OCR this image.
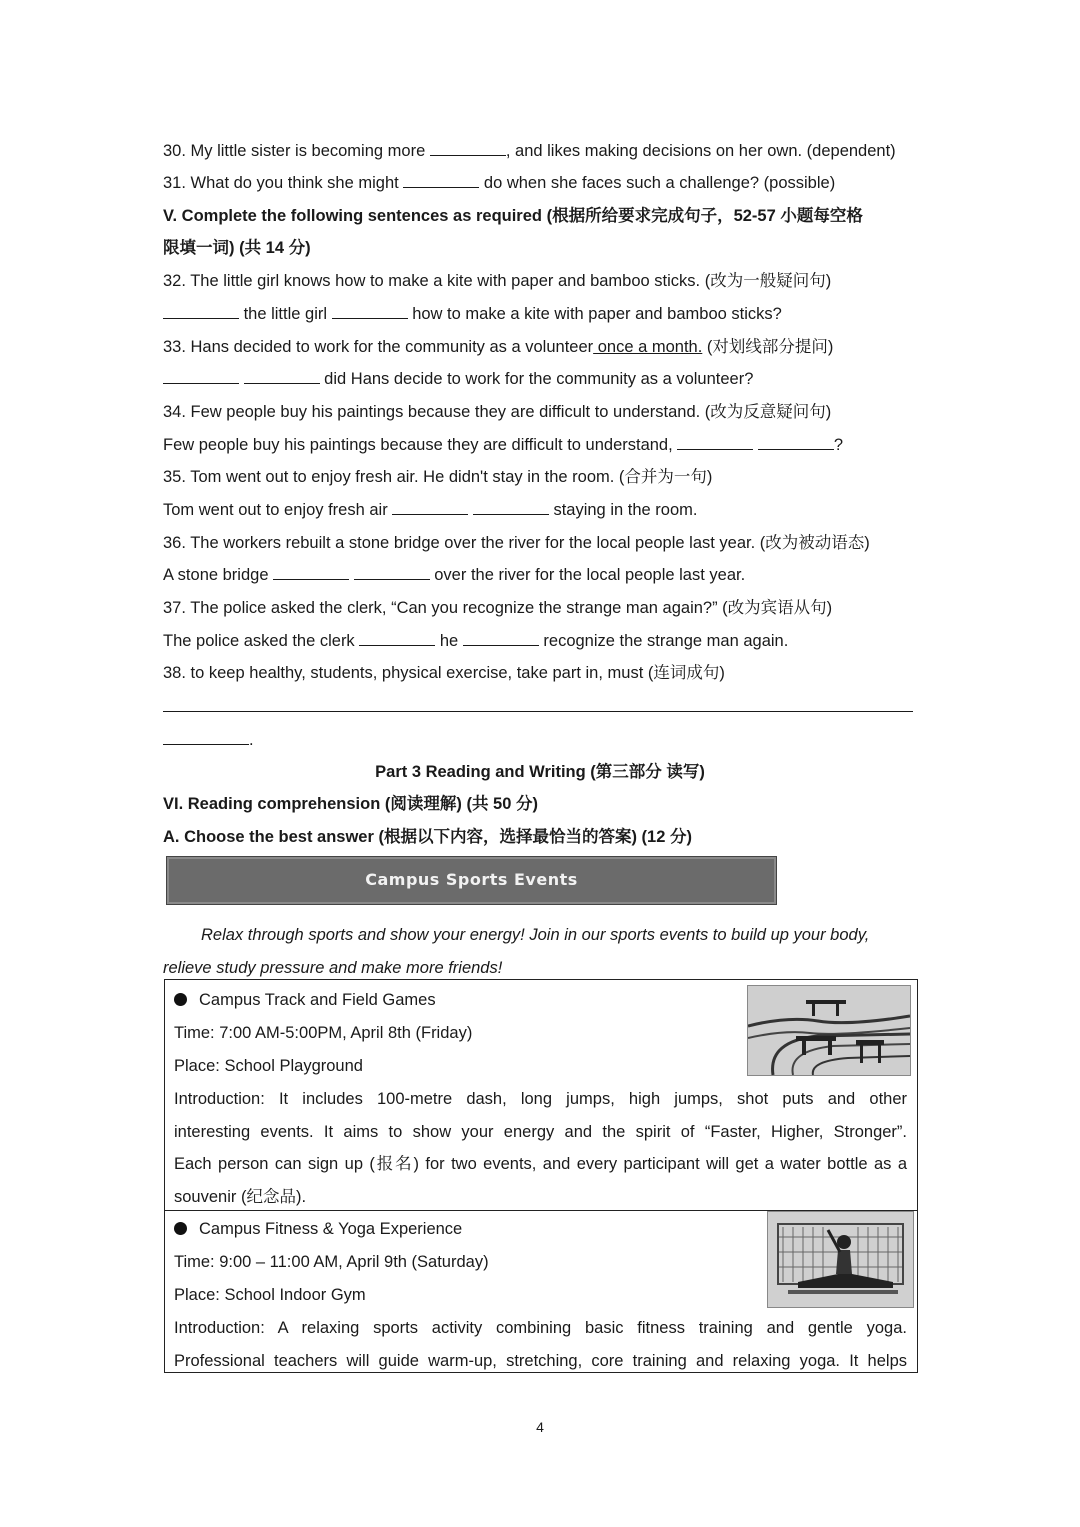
30. My little sister is becoming more	, and likes making decisions on her own. (dependent)
31. What do you think she might	do when she faces such a challenge? (possible)
V. Complete the following sentences as required (根据所给要求完成句子，52-57 小题每空格
限填一词) (共 14 分)
32. The little girl knows how to make a kite with paper and bamboo sticks. (改为一般疑问句)
the little girl	how to make a kite with paper and bamboo sticks?
33. Hans decided to work for the community as a volunteer once a month. (对划线部分提问)
did Hans decide to work for the community as a volunteer?
34. Few people buy his paintings because they are difficult to understand. (改为反意疑问句)
Few people buy his paintings because they are difficult to understand,	?
35. Tom went out to enjoy fresh air. He didn't stay in the room. (合并为一句)
Tom went out to enjoy fresh air	staying in the room.
36. The workers rebuilt a stone bridge over the river for the local people last year. (改为被动语态)
A stone bridge	over the river for the local people last year.
37. The police asked the clerk, “Can you recognize the strange man again?” (改为宾语从句)
The police asked the clerk	he	recognize the strange man again.
38. to keep healthy, students, physical exercise, take part in, must (连词成句)
.
Part 3 Reading and Writing (第三部分 读写)
VI. Reading comprehension (阅读理解) (共 50 分)
A. Choose the best answer (根据以下内容，选择最恰当的答案) (12 分)
Campus Sports Events
Relax through sports and show your energy! Join in our sports events to build up your body,
relieve study pressure and make more friends!
Campus Track and Field Games
Time: 7:00 AM-5:00PM, April 8th (Friday)
Place: School Playground
Introduction: It includes 100-metre dash, long jumps, high jumps, shot puts and other
interesting events. It aims to show your energy and the spirit of “Faster, Higher, Stronger”.
Each person can sign up (报名) for two events, and every participant will get a water bottle as a
souvenir (纪念品).
Campus Fitness & Yoga Experience
Time: 9:00 – 11:00 AM, April 9th (Saturday)
Place: School Indoor Gym
Introduction: A relaxing sports activity combining basic fitness training and gentle yoga.
Professional teachers will guide warm-up, stretching, core training and relaxing yoga. It helps
4
